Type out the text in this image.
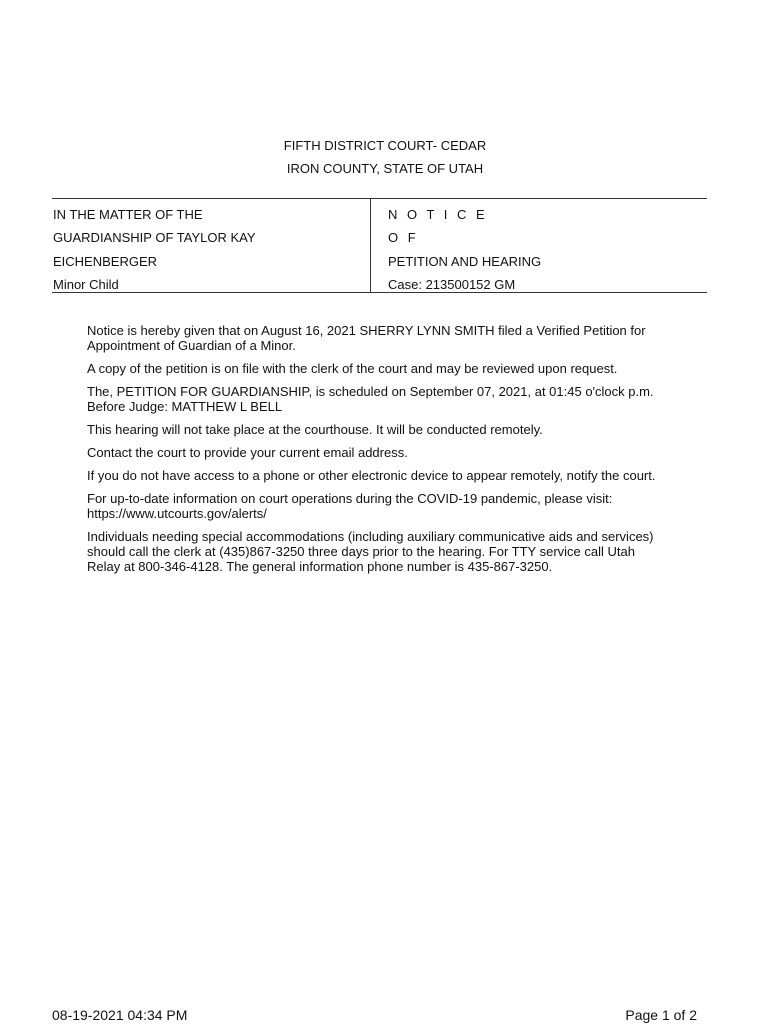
FIFTH DISTRICT COURT- CEDAR
IRON COUNTY, STATE OF UTAH
IN THE MATTER OF THE
GUARDIANSHIP OF TAYLOR KAY
EICHENBERGER
Minor Child
N O T I C E
O F
PETITION AND HEARING
Case: 213500152 GM

Notice is hereby given that on August 16, 2021 SHERRY LYNN SMITH filed a Verified Petition for
Appointment of Guardian of a Minor.

A copy of the petition is on file with the clerk of the court and may be reviewed upon request.

The, PETITION FOR GUARDIANSHIP, is scheduled on September 07, 2021, at 01:45 o'clock p.m.
Before Judge: MATTHEW L BELL

This hearing will not take place at the courthouse. It will be conducted remotely.

Contact the court to provide your current email address.

If you do not have access to a phone or other electronic device to appear remotely, notify the court.

For up-to-date information on court operations during the COVID-19 pandemic, please visit:
https://www.utcourts.gov/alerts/

Individuals needing special accommodations (including auxiliary communicative aids and services)
should call the clerk at (435)867-3250 three days prior to the hearing. For TTY service call Utah
Relay at 800-346-4128. The general information phone number is 435-867-3250.

08-19-2021 04:34 PM	Page 1 of 2
